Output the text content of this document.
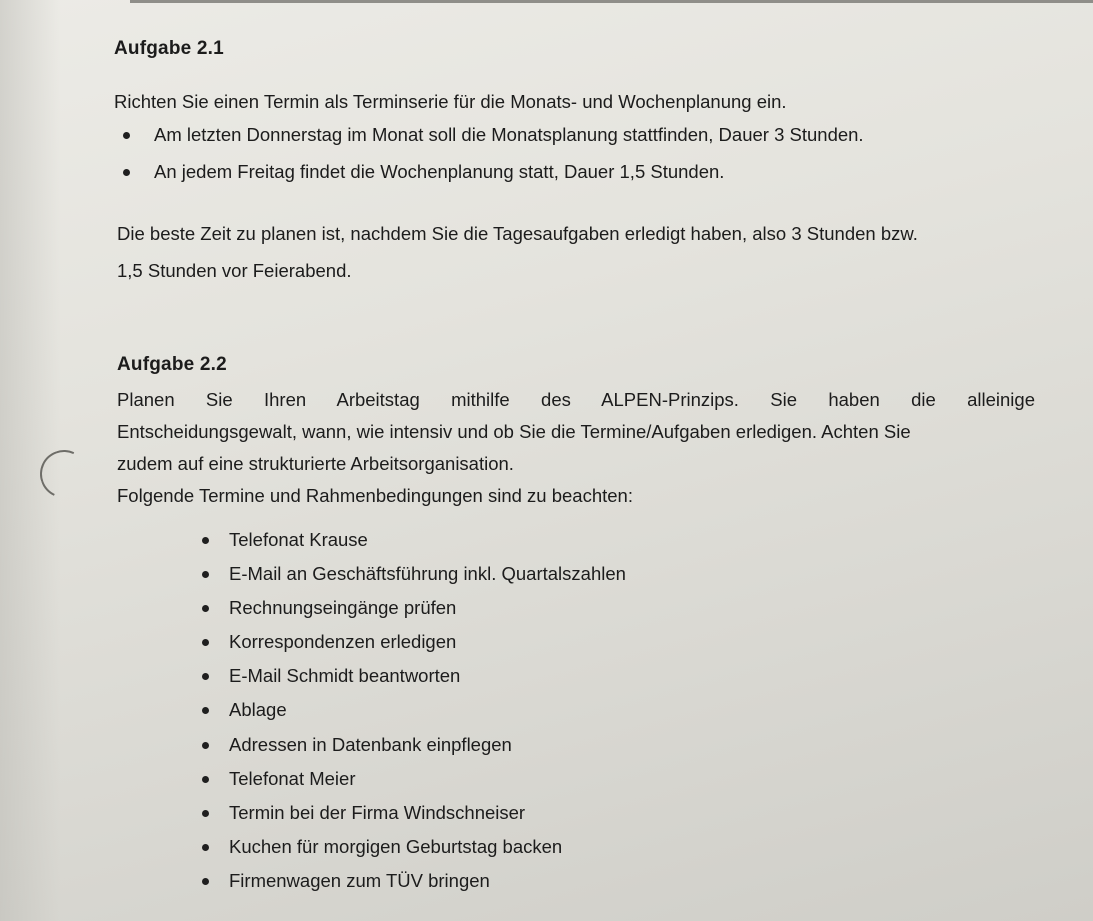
Aufgabe 2.1
Richten Sie einen Termin als Terminserie für die Monats- und Wochenplanung ein.
Am letzten Donnerstag im Monat soll die Monatsplanung stattfinden, Dauer 3 Stunden.
An jedem Freitag findet die Wochenplanung statt, Dauer 1,5 Stunden.
Die beste Zeit zu planen ist, nachdem Sie die Tagesaufgaben erledigt haben, also 3 Stunden bzw.
1,5 Stunden vor Feierabend.
Aufgabe 2.2
Planen Sie Ihren Arbeitstag mithilfe des ALPEN-Prinzips. Sie haben die alleinige
Entscheidungsgewalt, wann, wie intensiv und ob Sie die Termine/Aufgaben erledigen. Achten Sie
zudem auf eine strukturierte Arbeitsorganisation.
Folgende Termine und Rahmenbedingungen sind zu beachten:
Telefonat Krause
E-Mail an Geschäftsführung inkl. Quartalszahlen
Rechnungseingänge prüfen
Korrespondenzen erledigen
E-Mail Schmidt beantworten
Ablage
Adressen in Datenbank einpflegen
Telefonat Meier
Termin bei der Firma Windschneiser
Kuchen für morgigen Geburtstag backen
Firmenwagen zum TÜV bringen
